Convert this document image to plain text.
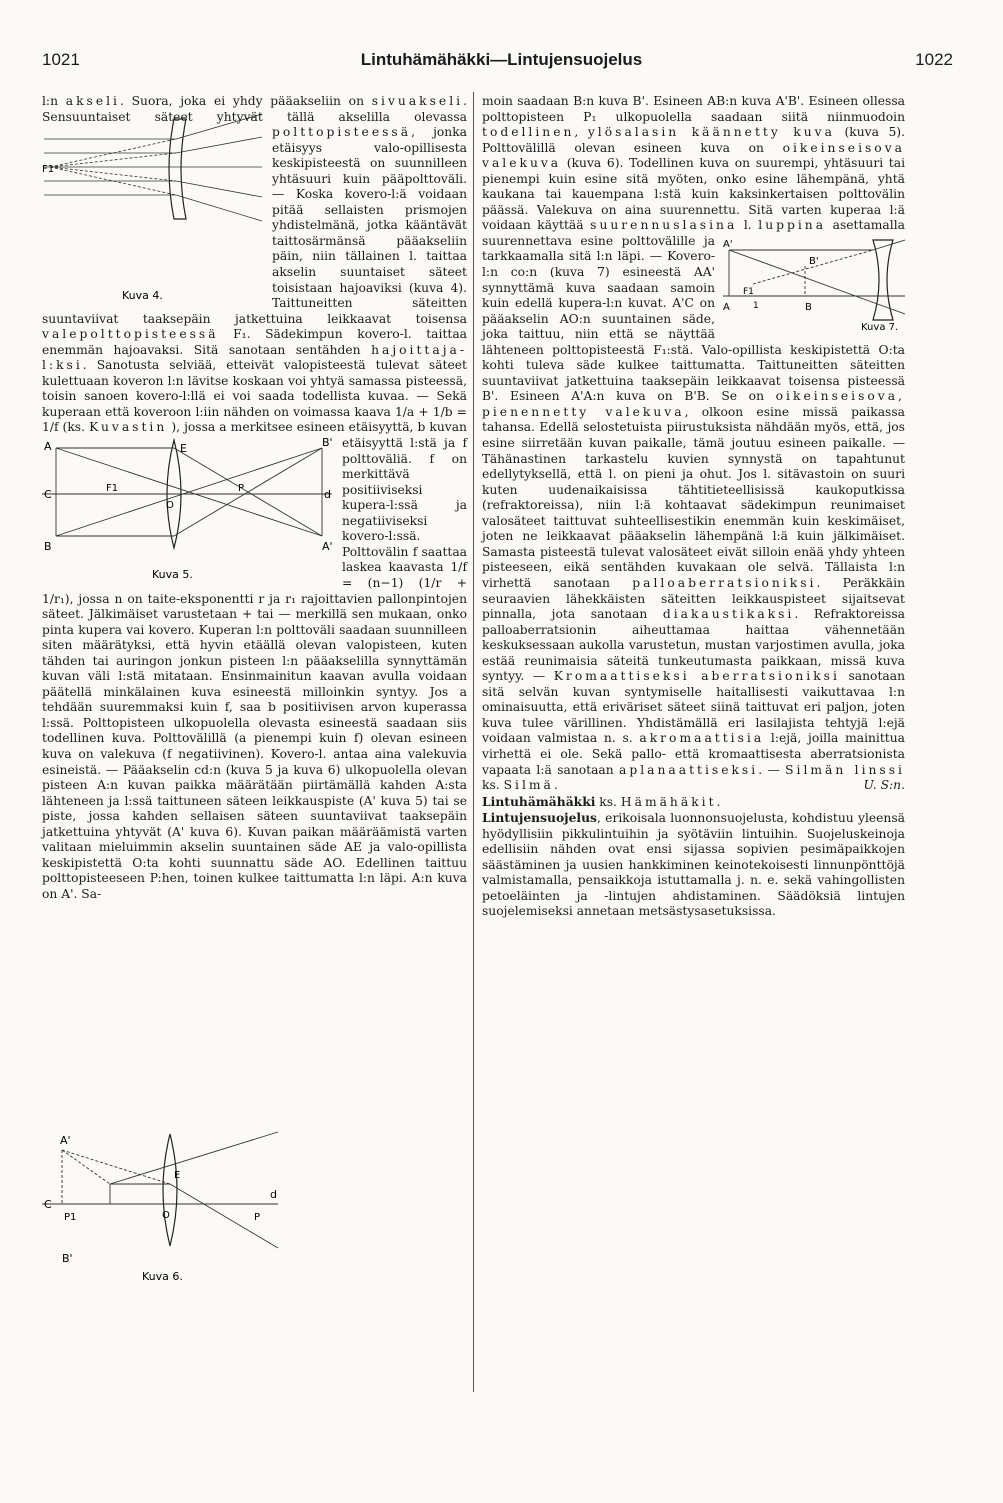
1021	Lintuhämähäkki—Lintujensuojelus	1022

l:n akseli. Suora, joka ei yhdy pääakseliin on sivuakseli. Sensuuntaiset säteet yhtyvät tällä akselilla olevassa
F1
Kuva 4.
polttopisteessä, jonka etäisyys valo-opillisesta keskipisteestä on suunnilleen yhtäsuuri kuin pääpolttoväli. — Koska kovero-l:ä voidaan pitää sellaisten prismojen yhdistelmänä, jotka kääntävät taittosärmänsä pääakseliin päin, niin tällainen l. taittaa akselin suuntaiset säteet toisistaan hajoaviksi (kuva 4). Taittuneitten säteitten suuntaviivat taaksepäin jatkettuina leikkaavat toisensa valepolttopisteessä F₁. Sädekimpun kovero-l. taittaa enemmän hajoavaksi. Sitä sanotaan sentähden hajoittaja-l:ksi. Sanotusta selviää, etteivät valopisteestä tulevat säteet kulettuaan koveron l:n lävitse koskaan voi yhtyä samassa pisteessä, toisin sanoen kovero-l:llä ei voi saada todellista kuvaa. — Sekä kuperaan että koveroon l:iin nähden on voimassa kaava 1/a + 1/b = 1/f (ks. Kuvastin
A	E	B'
C	F1
O
P	d
B	A'
Kuva 5.
), jossa a merkitsee esineen etäisyyttä, b kuvan etäisyyttä l:stä ja f polttoväliä. f on merkittävä positiiviseksi kupera-l:ssä ja negatiiviseksi kovero-l:ssä. Polttovälin f saattaa laskea kaavasta 1/f = (n−1) (1/r + 1/r₁), jossa n on taite-eksponentti r ja r₁ rajoittavien pallonpintojen säteet. Jälkimäiset varustetaan + tai — merkillä sen mukaan, onko pinta kupera vai kovero. Kuperan l:n polttoväli saadaan suunnilleen siten määrätyksi, että hyvin etäällä olevan valopisteen, kuten tähden tai auringon jonkun pisteen l:n pääakselilla synnyttämän kuvan väli l:stä mitataan. Ensinmainitun kaavan avulla voidaan päätellä minkälainen kuva esineestä milloinkin syntyy. Jos a tehdään suuremmaksi kuin f, saa b positiivisen arvon kuperassa l:ssä. Polttopisteen ulkopuolella olevasta esineestä saadaan siis todellinen kuva. Polttovälillä (a pienempi kuin f) olevan esineen kuva on valekuva (f negatiivinen). Kovero-l. antaa aina valekuvia esineistä. — Pääakselin cd:n (kuva 5 ja kuva 6) ulkopuolella olevan pisteen A:n kuvan paikka määrätään piirtämällä kahden A:sta lähteneen ja l:ssä taittuneen säteen leikkauspiste (A' kuva 5) tai se piste, jossa kahden sellaisen säteen suuntaviivat taaksepäin jatkettuina yhtyvät (A' kuva 6). Kuvan paikan määräämistä varten valitaan mieluimmin akselin suuntainen säde AE ja valo-opillista keskipistettä O:ta kohti suunnattu säde AO. Edellinen taittuu polttopisteeseen P:hen, toinen kulkee taittumatta l:n läpi. A:n kuva on A'. Sa-

moin saadaan B:n kuva B'. Esineen AB:n kuva A'B'. Esineen ollessa polttopisteen P₁ ulkopuolella saadaan siitä niinmuodoin todellinen, ylösalasin käännetty kuva (kuva 5). Polttovälillä olevan esineen kuva on oikeinseisova valekuva (kuva 6). Todellinen kuva on suurempi, yhtäsuuri tai pienempi kuin esine sitä myöten, onko esine lähempänä, yhtä kaukana tai kauempana l:stä kuin kaksinkertaisen polttovälin päässä. Valekuva on aina suurennettu. Sitä varten kuperaa l:ä voidaan käyttää suurennuslasina l. luppina
A'
B'
F1
A	1	B
Kuva 7.
asettamalla suurennettava esine polttovälille ja tarkkaamalla sitä l:n läpi. — Kovero-l:n co:n (kuva 7) esineestä AA' synnyttämä kuva saadaan samoin kuin edellä kupera-l:n kuvat. A'C on pääakselin AO:n suuntainen säde, joka taittuu, niin että se näyttää lähteneen polttopisteestä F₁:stä. Valo-opillista keskipistettä O:ta kohti tuleva säde kulkee taittumatta. Taittuneitten säteitten suuntaviivat jatkettuina taaksepäin leikkaavat toisensa pisteessä B'. Esineen A'A:n kuva on B'B. Se on oikeinseisova, pienennetty valekuva, olkoon esine missä paikassa tahansa. Edellä selostetuista piirustuksista nähdään myös, että, jos esine siirretään kuvan paikalle, tämä joutuu esineen paikalle. — Tähänastinen tarkastelu kuvien synnystä on tapahtunut edellytyksellä, että l. on pieni ja ohut. Jos l. sitävastoin on suuri kuten uudenaikaisissa tähtitieteellisissä kaukoputkissa (refraktoreissa), niin l:ä kohtaavat sädekimpun reunimaiset valosäteet taittuvat suhteellisestikin enemmän kuin keskimäiset, joten ne leikkaavat pääakselin lähempänä l:ä kuin jälkimäiset. Samasta pisteestä tulevat valosäteet eivät silloin enää yhdy yhteen pisteeseen, eikä sentähden kuvakaan ole selvä. Tällaista l:n virhettä sanotaan palloaberratsioniksi. Peräkkäin seuraavien lähekkäisten säteitten leikkauspisteet sijaitsevat pinnalla, jota sanotaan diakaustikaksi. Refraktoreissa palloaberratsionin aiheuttamaa haittaa vähennetään keskuksessaan aukolla varustetun, mustan varjostimen avulla, joka estää reunimaisia säteitä tunkeutumasta paikkaan, missä kuva syntyy. — Kromaattiseksi aberratsioniksi sanotaan sitä selvän kuvan syntymiselle haitallisesti vaikuttavaa l:n ominaisuutta, että eriväriset säteet siinä taittuvat eri paljon, joten kuva tulee värillinen. Yhdistämällä eri lasilajista tehtyjä l:ejä voidaan valmistaa n. s. akromaattisia l:ejä, joilla mainittua virhettä ei ole. Sekä pallo- että kromaattisesta aberratsionista vapaata l:ä sanotaan aplanaattiseksi. — Silmän linssi ks. Silmä.	U. S:n.

Lintuhämähäkki ks. Hämähäkit.

Lintujensuojelus, erikoisala luonnonsuojelusta, kohdistuu yleensä hyödyllisiin pikkulintuihin ja syötäviin lintuihin. Suojeluskeinoja edellisiin nähden ovat ensi sijassa sopivien pesimäpaikkojen säästäminen ja uusien hankkiminen keinotekoisesti linnunpönttöjä valmistamalla, pensaikkoja istuttamalla j. n. e. sekä vahingollisten petoeläinten ja -lintujen ahdistaminen. Säädöksiä lintujen suojelemiseksi annetaan metsästysasetuksissa.

A'
C
P1
E
O	P
d
B'
Kuva 6.
